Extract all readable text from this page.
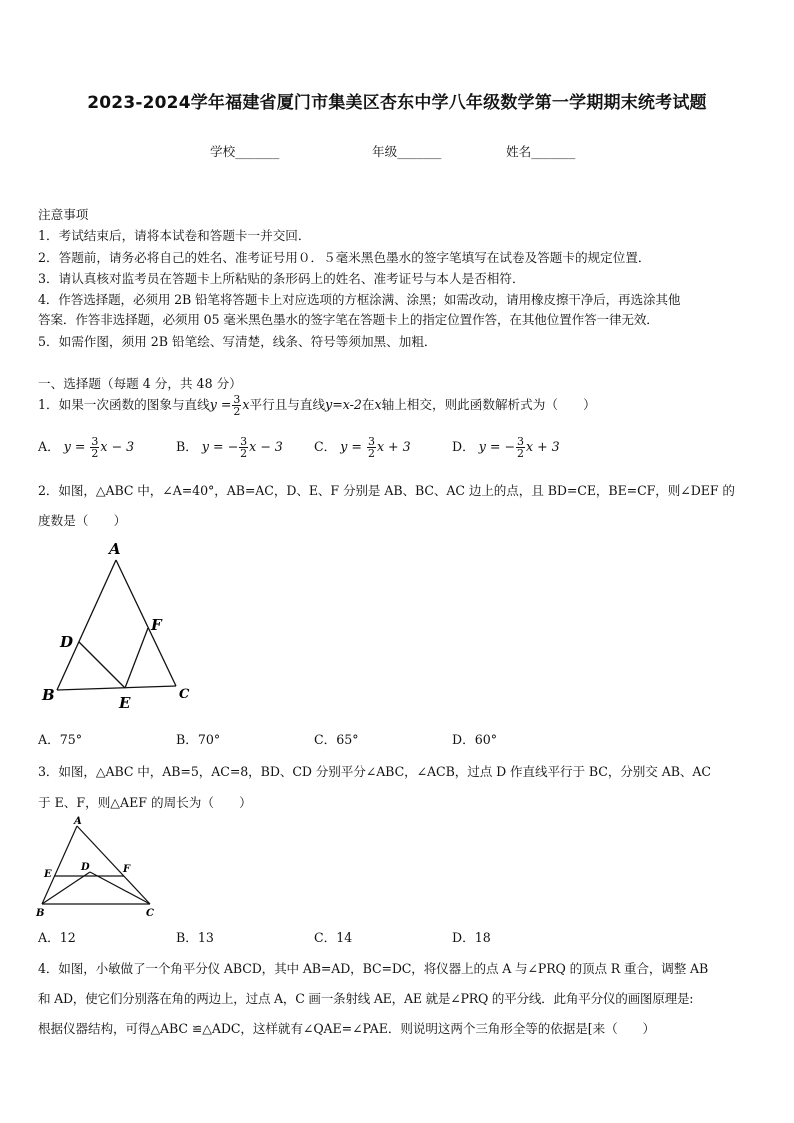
2023-2024学年福建省厦门市集美区杏东中学八年级数学第一学期期末统考试题
学校_______	年级_______	姓名_______
注意事项
1．考试结束后，请将本试卷和答题卡一并交回．
2．答题前，请务必将自己的姓名、准考证号用０．５毫米黑色墨水的签字笔填写在试卷及答题卡的规定位置．
3．请认真核对监考员在答题卡上所粘贴的条形码上的姓名、准考证号与本人是否相符．
4．作答选择题，必须用 2B 铅笔将答题卡上对应选项的方框涂满、涂黑；如需改动，请用橡皮擦干净后，再选涂其他
答案．作答非选择题，必须用 05 毫米黑色墨水的签字笔在答题卡上的指定位置作答，在其他位置作答一律无效．
5．如需作图，须用 2B 铅笔绘、写清楚，线条、符号等须加黑、加粗．
一、选择题（每题 4 分，共 48 分）
1．如果一次函数的图象与直线$y = \frac{3}{2}$ x平行且与直线y=x-2在x轴上相交，则此函数解析式为（　　）
A． $y = \frac{3}{2}$ x − 3	B． y = − $\frac{3}{2}$ x − 3 C． $y = \frac{3}{2}$ x + 3	D． y = − $\frac{3}{2}$ x + 3
2．如图，△ABC 中，∠A=40°，AB=AC，D、E、F 分别是 AB、BC、AC 边上的点，且 BD=CE，BE=CF，则∠DEF 的
度数是（　　）
A
B	C
D
E
F
A．75°	B．70°	C．65°	D．60°
3．如图，△ABC 中，AB=5，AC=8，BD、CD 分别平分∠ABC，∠ACB，过点 D 作直线平行于 BC，分别交 AB、AC
于 E、F，则△AEF 的周长为（　　）
A
B	C
D
E	F
A．12	B．13	C．14	D．18
4．如图，小敏做了一个角平分仪 ABCD，其中 AB=AD，BC=DC，将仪器上的点 A 与∠PRQ 的顶点 R 重合，调整 AB
和 AD，使它们分别落在角的两边上，过点 A，C 画一条射线 AE，AE 就是∠PRQ 的平分线．此角平分仪的画图原理是:
根据仪器结构，可得△ABC ≌△ADC，这样就有∠QAE=∠PAE．则说明这两个三角形全等的依据是[来（　　）
